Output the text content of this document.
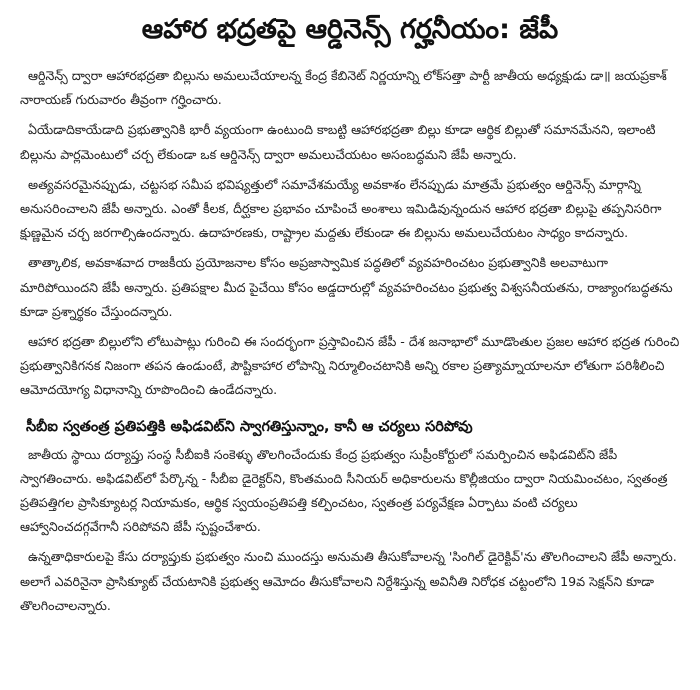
ఆహార భద్రతపై ఆర్డినెన్స్ గర్హనీయం: జేపీ

ఆర్డినెన్స్ ద్వారా ఆహారభద్రతా బిల్లును అమలుచేయాలన్న కేంద్ర కేబినెట్ నిర్ణయాన్ని లోక్‌సత్తా పార్టీ జాతీయ అధ్యక్షుడు డా॥ జయప్రకాశ్ నారాయణ్ గురువారం తీవ్రంగా గర్హించారు.

ఏయేడాదికాయేడాది ప్రభుత్వానికి భారీ వ్యయంగా ఉంటుంది కాబట్టి ఆహారభద్రతా బిల్లు కూడా ఆర్థిక బిల్లుతో సమానమేనని, ఇలాంటి బిల్లును పార్లమెంటులో చర్చ లేకుండా ఒక ఆర్డినెన్స్ ద్వారా అమలుచేయటం అసంబద్ధమని జేపీ అన్నారు.

అత్యవసరమైనప్పుడు, చట్టసభ సమీప భవిష్యత్తులో సమావేశమయ్యే అవకాశం లేనప్పుడు మాత్రమే ప్రభుత్వం ఆర్డినెన్స్ మార్గాన్ని అనుసరించాలని జేపీ అన్నారు. ఎంతో కీలక, దీర్ఘకాల ప్రభావం చూపించే అంశాలు ఇమిడివున్నందున ఆహార భద్రతా బిల్లుపై తప్పనిసరిగా క్షుణ్ణమైన చర్చ జరగాల్సిఉందన్నారు. ఉదాహరణకు, రాష్ట్రాల మద్దతు లేకుండా ఈ బిల్లును అమలుచేయటం సాధ్యం కాదన్నారు.

తాత్కాలిక, అవకాశవాద రాజకీయ ప్రయోజనాల కోసం అప్రజాస్వామిక పద్ధతిలో వ్యవహరించటం ప్రభుత్వానికి అలవాటుగా మారిపోయిందని జేపీ అన్నారు. ప్రతిపక్షాల మీద పైచేయి కోసం అడ్డదారుల్లో వ్యవహరించటం ప్రభుత్వ విశ్వసనీయతను, రాజ్యాంగబద్ధతను కూడా ప్రశ్నార్థకం చేస్తుందన్నారు.

ఆహార భద్రతా బిల్లులోని లోటుపాట్లు గురించి ఈ సందర్భంగా ప్రస్తావించిన జేపీ - దేశ జనాభాలో మూడొంతుల ప్రజల ఆహార భద్రత గురించి ప్రభుత్వానికిగనక నిజంగా తపన ఉండుంటే, పౌష్టికాహార లోపాన్ని నిర్మూలించటానికి అన్ని రకాల ప్రత్యామ్నాయాలనూ లోతుగా పరిశీలించి ఆమోదయోగ్య విధానాన్ని రూపొందించి ఉండేదన్నారు.

సీబీఐ స్వతంత్ర ప్రతిపత్తికి అఫిడవిట్‌ని స్వాగతిస్తున్నాం, కానీ ఆ చర్యలు సరిపోవు

జాతీయ స్థాయి దర్యాప్తు సంస్థ సీబీఐకి సంకెళ్ళు తొలగించేందుకు కేంద్ర ప్రభుత్వం సుప్రీంకోర్టులో సమర్పించిన అఫిడవిట్‌ని జేపీ స్వాగతించారు. అఫిడవిట్‌లో పేర్కొన్న - సీబీఐ డైరెక్టర్‌ని, కొంతమంది సీనియర్ అధికారులను కొల్లీజియం ద్వారా నియమించటం, స్వతంత్ర ప్రతిపత్తిగల ప్రాసిక్యూటర్ల నియామకం, ఆర్థిక స్వయంప్రతిపత్తి కల్పించటం, స్వతంత్ర పర్యవేక్షణ ఏర్పాటు వంటి చర్యలు ఆహ్వానించదగ్గవేగానీ సరిపోవని జేపీ స్పష్టంచేశారు.

ఉన్నతాధికారులపై కేసు దర్యాప్తుకు ప్రభుత్వం నుంచి ముందస్తు అనుమతి తీసుకోవాలన్న 'సింగిల్ డైరెక్టివ్'ను తొలగించాలని జేపీ అన్నారు. అలాగే ఎవరినైనా ప్రాసిక్యూట్ చేయటానికి ప్రభుత్వ ఆమోదం తీసుకోవాలని నిర్దేశిస్తున్న అవినీతి నిరోధక చట్టంలోని 19వ సెక్షన్‌ని కూడా తొలగించాలన్నారు.
